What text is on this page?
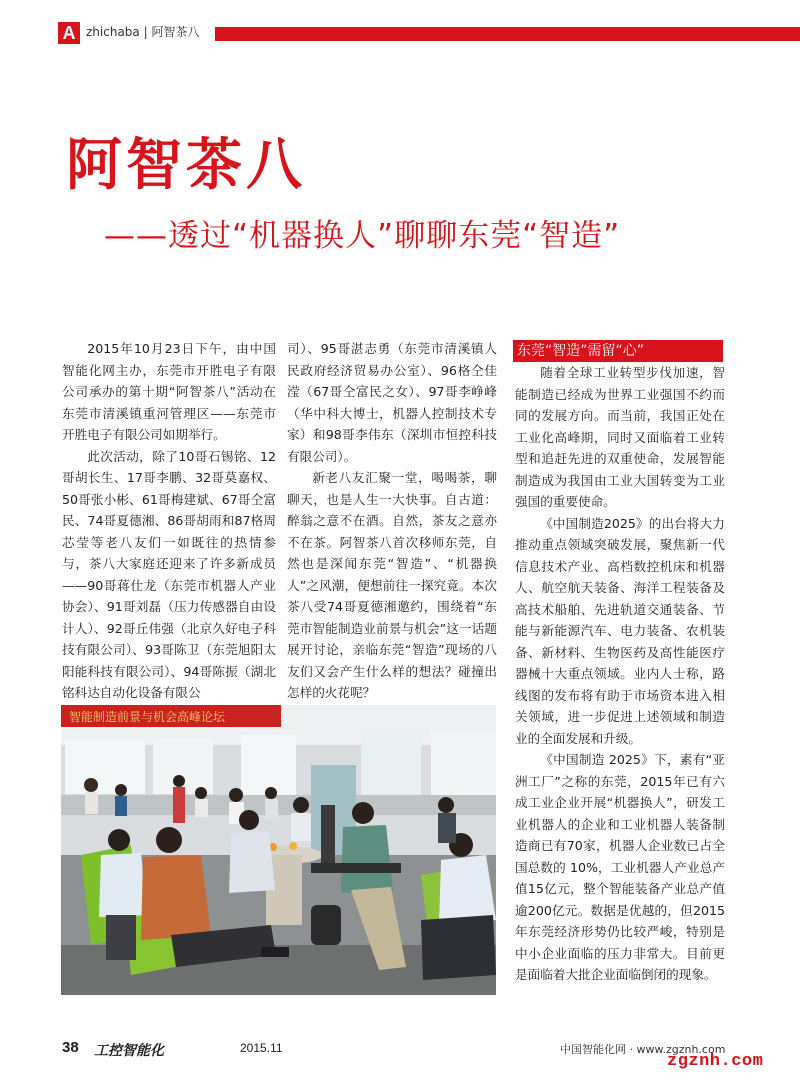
A zhichaba | 阿智茶八
阿智茶八
——透过“机器换人”聊聊东莞“智造”

2015年10月23日下午，由中国智能化网主办，东莞市开胜电子有限公司承办的第十期“阿智茶八”活动在东莞市清溪镇重河管理区——东莞市开胜电子有限公司如期举行。

此次活动，除了10哥石锡铭、12哥胡长生、17哥李鹏、32哥莫嘉权、50哥张小彬、61哥梅建斌、67哥仝富民、74哥夏德湘、86哥胡雨和87格周芯莹等老八友们一如既往的热情参与，茶八大家庭还迎来了许多新成员——90哥蒋仕龙（东莞市机器人产业协会）、91哥刘磊（压力传感器自由设计人）、92哥丘伟强（北京久好电子科技有限公司）、93哥陈卫（东莞旭阳太阳能科技有限公司）、94哥陈振（湖北铭科达自动化设备有限公

司）、95哥湛志勇（东莞市清溪镇人民政府经济贸易办公室）、96格仝佳滢（67哥仝富民之女）、97哥李峥峰（华中科大博士，机器人控制技术专家）和98哥李伟东（深圳市恒控科技有限公司）。

新老八友汇聚一堂，喝喝茶，聊聊天，也是人生一大快事。自古道：醉翁之意不在酒。自然，茶友之意亦不在茶。阿智茶八首次移师东莞，自然也是深闻东莞“智造”、“机器换人”之风潮，便想前往一探究竟。本次茶八受74哥夏德湘邀约，围绕着“东莞市智能制造业前景与机会”这一话题展开讨论，亲临东莞“智造”现场的八友们又会产生什么样的想法？碰撞出怎样的火花呢？

东莞“智造”需留“心”

随着全球工业转型步伐加速，智能制造已经成为世界工业强国不约而同的发展方向。而当前，我国正处在工业化高峰期，同时又面临着工业转型和追赶先进的双重使命，发展智能制造成为我国由工业大国转变为工业强国的重要使命。

《中国制造2025》的出台将大力推动重点领域突破发展，聚焦新一代信息技术产业、高档数控机床和机器人、航空航天装备、海洋工程装备及高技术船舶、先进轨道交通装备、节能与新能源汽车、电力装备、农机装备、新材料、生物医药及高性能医疗器械十大重点领域。业内人士称，路线图的发布将有助于市场资本进入相关领域，进一步促进上述领域和制造业的全面发展和升级。

《中国制造 2025》下，素有“亚洲工厂”之称的东莞，2015年已有六成工业企业开展“机器换人”，研发工业机器人的企业和工业机器人装备制造商已有70家，机器人企业数已占全国总数的 10%，工业机器人产业总产值15亿元，整个智能装备产业总产值逾200亿元。数据是优越的，但2015年东莞经济形势仍比较严峻，特别是中小企业面临的压力非常大。目前更是面临着大批企业面临倒闭的现象。

智能制造前景与机会高峰论坛
38 工控智能化	2015.11	中国智能化网 · www.zgznh.com
zgznh.com
